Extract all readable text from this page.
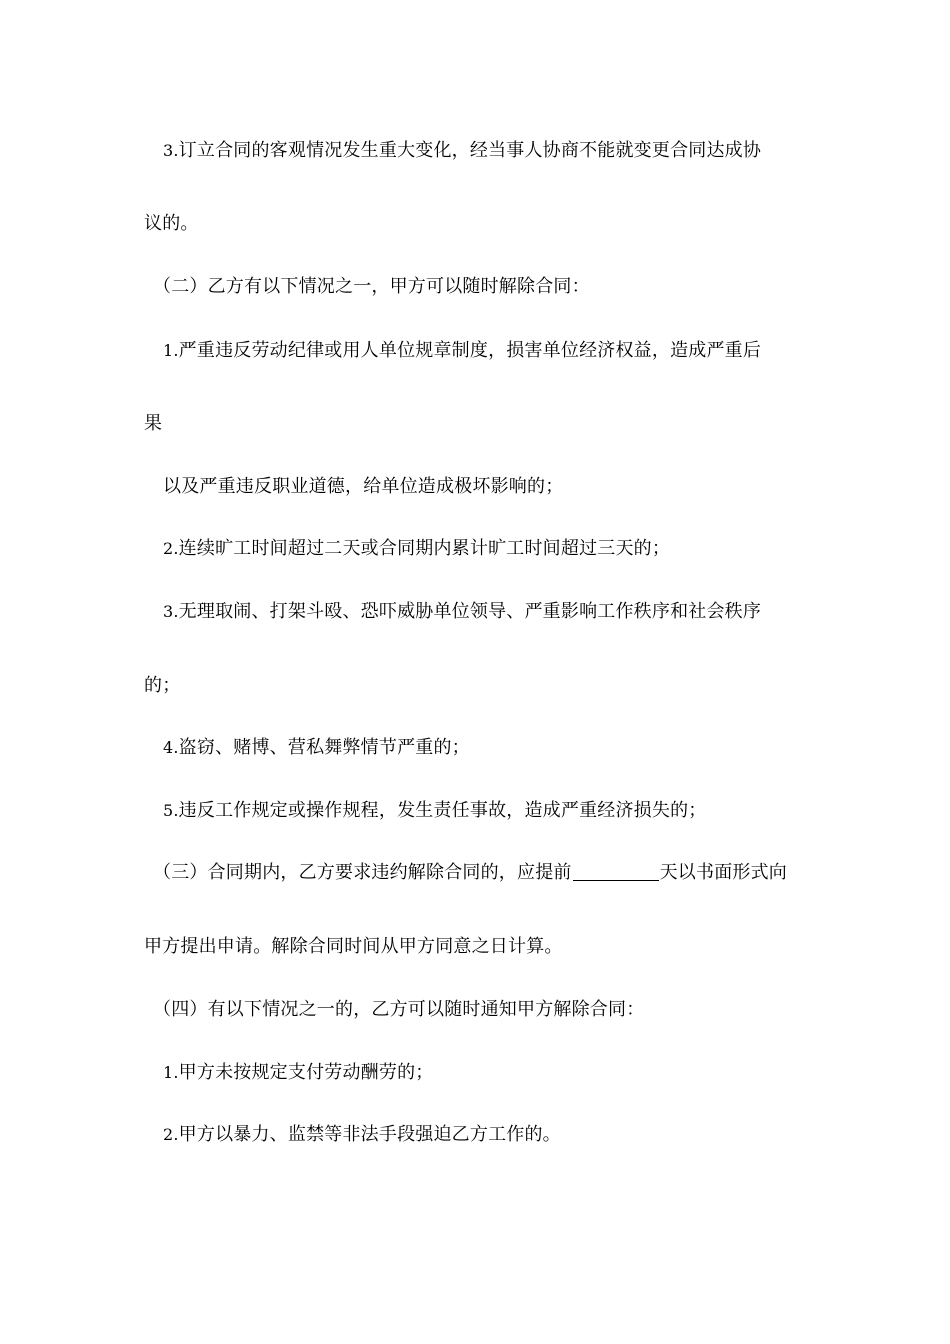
3.订立合同的客观情况发生重大变化，经当事人协商不能就变更合同达成协
议的。
（二）乙方有以下情况之一，甲方可以随时解除合同：
1.严重违反劳动纪律或用人单位规章制度，损害单位经济权益，造成严重后
果
以及严重违反职业道德，给单位造成极坏影响的；
2.连续旷工时间超过二天或合同期内累计旷工时间超过三天的；
3.无理取闹、打架斗殴、恐吓威胁单位领导、严重影响工作秩序和社会秩序
的；
4.盗窃、赌博、营私舞弊情节严重的；
5.违反工作规定或操作规程，发生责任事故，造成严重经济损失的；
（三）合同期内，乙方要求违约解除合同的，应提前	天以书面形式向
甲方提出申请。解除合同时间从甲方同意之日计算。
（四）有以下情况之一的，乙方可以随时通知甲方解除合同：
1.甲方未按规定支付劳动酬劳的；
2.甲方以暴力、监禁等非法手段强迫乙方工作的。
